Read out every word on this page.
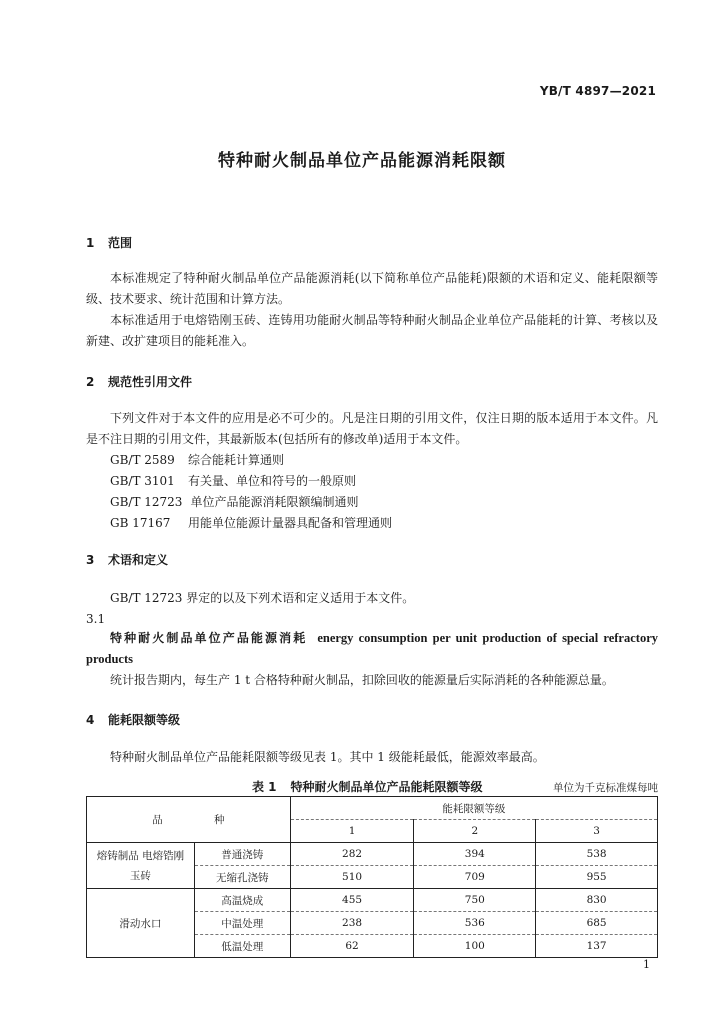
YB/T 4897—2021
特种耐火制品单位产品能源消耗限额
1 范围
本标准规定了特种耐火制品单位产品能源消耗(以下简称单位产品能耗)限额的术语和定义、能耗限额等级、技术要求、统计范围和计算方法。
本标准适用于电熔锆刚玉砖、连铸用功能耐火制品等特种耐火制品企业单位产品能耗的计算、考核以及新建、改扩建项目的能耗准入。
2 规范性引用文件
下列文件对于本文件的应用是必不可少的。凡是注日期的引用文件，仅注日期的版本适用于本文件。凡是不注日期的引用文件，其最新版本(包括所有的修改单)适用于本文件。
GB/T 2589 综合能耗计算通则
GB/T 3101 有关量、单位和符号的一般原则
GB/T 12723 单位产品能源消耗限额编制通则
GB 17167 用能单位能源计量器具配备和管理通则
3 术语和定义
GB/T 12723 界定的以及下列术语和定义适用于本文件。
3.1
特种耐火制品单位产品能源消耗 energy consumption per unit production of special refractory products
统计报告期内，每生产 1 t 合格特种耐火制品，扣除回收的能源量后实际消耗的各种能源总量。
4 能耗限额等级
特种耐火制品单位产品能耗限额等级见表 1。其中 1 级能耗最低，能源效率最高。
表 1 特种耐火制品单位产品能耗限额等级	单位为千克标准煤每吨
品 种		能耗限额等级		
		1	2	3
熔铸制品 电熔锆刚玉砖	普通浇铸	282	394	538
	无缩孔浇铸	510	709	955
滑动水口	高温烧成	455	750	830
	中温处理	238	536	685
	低温处理	62	100	137
1
